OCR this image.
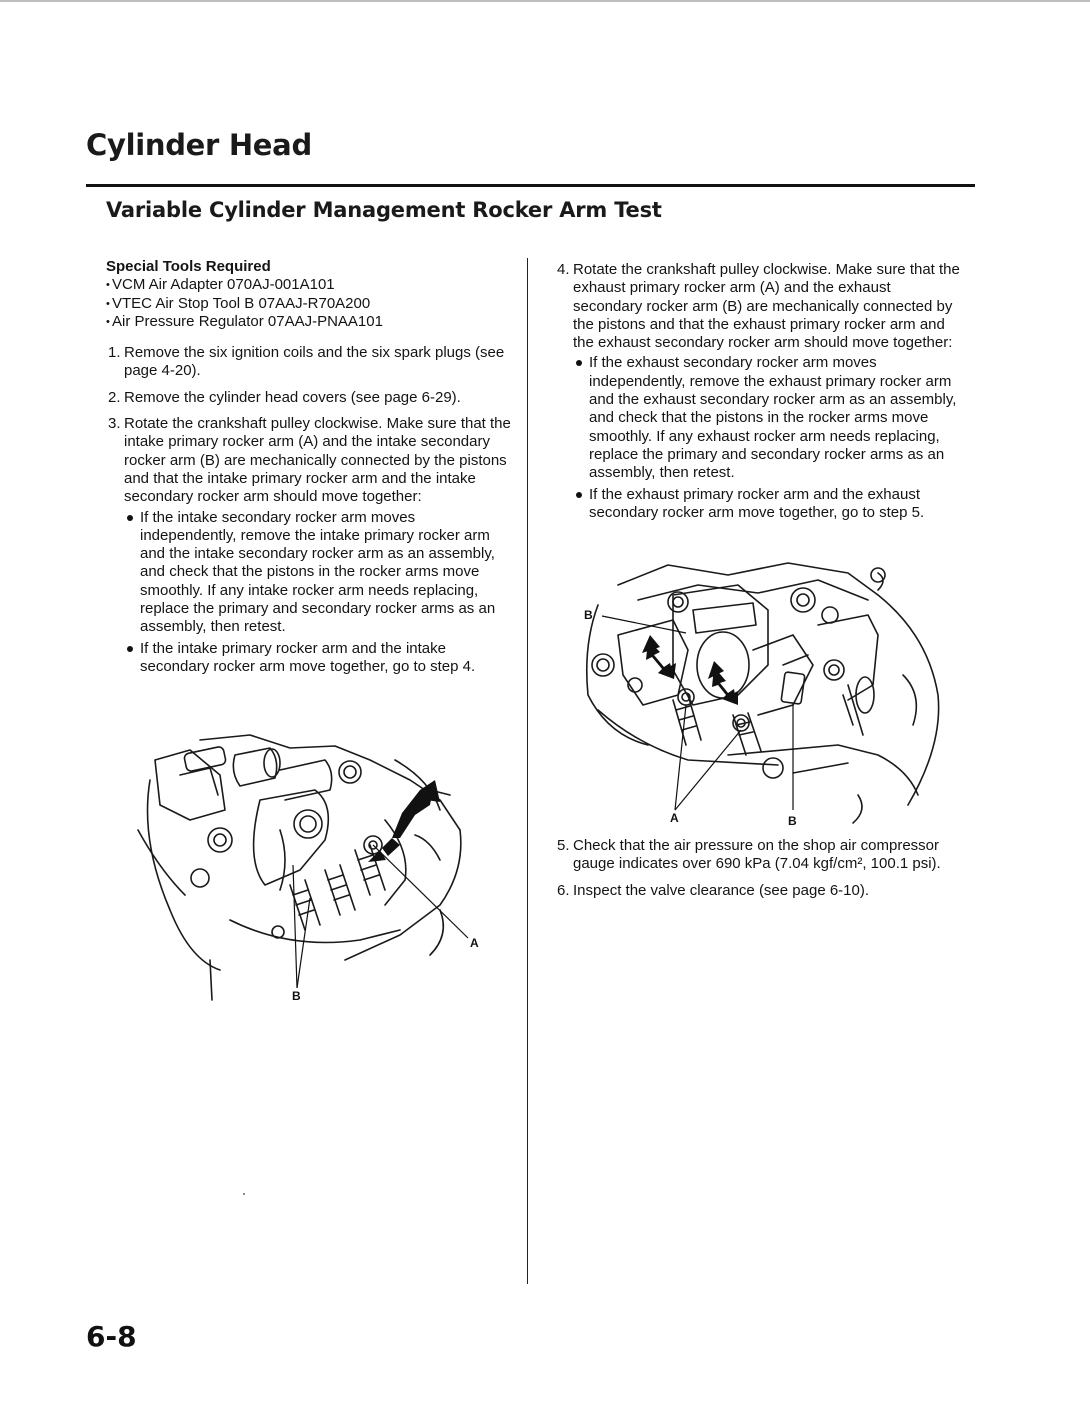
Cylinder Head
Variable Cylinder Management Rocker Arm Test

Special Tools Required

• VCM Air Adapter 070AJ-001A101
• VTEC Air Stop Tool B 07AAJ-R70A200
• Air Pressure Regulator 07AAJ-PNAA101
1. Remove the six ignition coils and the six spark plugs (see page 4-20).
2. Remove the cylinder head covers (see page 6-29).
3. Rotate the crankshaft pulley clockwise. Make sure that the intake primary rocker arm (A) and the intake secondary rocker arm (B) are mechanically connected by the pistons and that the intake primary rocker arm and the intake secondary rocker arm should move together:
If the intake secondary rocker arm moves independently, remove the intake primary rocker arm and the intake secondary rocker arm as an assembly, and check that the pistons in the rocker arms move smoothly. If any intake rocker arm needs replacing, replace the primary and secondary rocker arms as an assembly, then retest.
If the intake primary rocker arm and the intake secondary rocker arm move together, go to step 4.
4. Rotate the crankshaft pulley clockwise. Make sure that the exhaust primary rocker arm (A) and the exhaust secondary rocker arm (B) are mechanically connected by the pistons and that the exhaust primary rocker arm and the exhaust secondary rocker arm should move together:
If the exhaust secondary rocker arm moves independently, remove the exhaust primary rocker arm and the exhaust secondary rocker arm as an assembly, and check that the pistons in the rocker arms move smoothly. If any exhaust rocker arm needs replacing, replace the primary and secondary rocker arms as an assembly, then retest.
If the exhaust primary rocker arm and the exhaust secondary rocker arm move together, go to step 5.
5. Check that the air pressure on the shop air compressor gauge indicates over 690 kPa (7.04 kgf/cm², 100.1 psi).
6. Inspect the valve clearance (see page 6-10).
A
B
B
A	B

6-8
